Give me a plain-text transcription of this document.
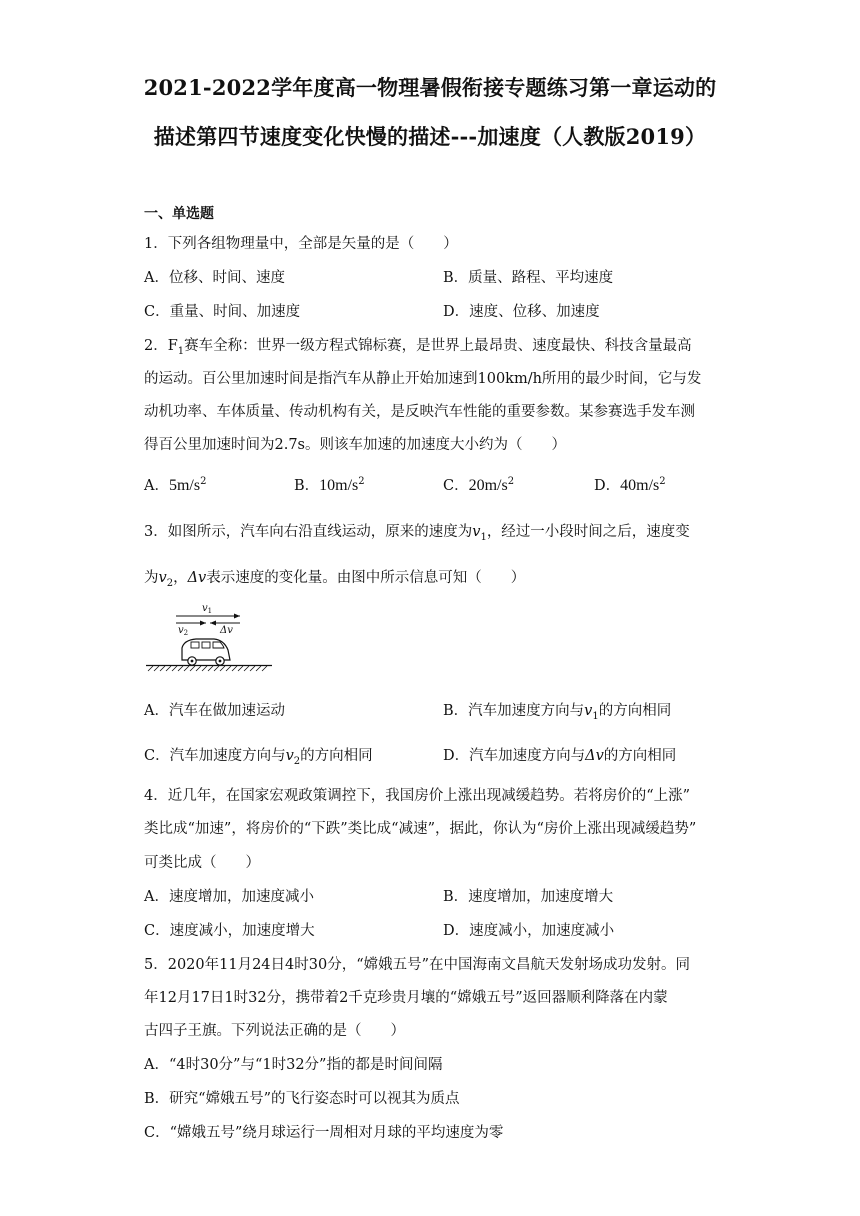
2021-2022学年度高一物理暑假衔接专题练习第一章运动的
描述第四节速度变化快慢的描述---加速度（人教版2019）
一、单选题
1．下列各组物理量中，全部是矢量的是（　　）
A．位移、时间、速度	B．质量、路程、平均速度
C．重量、时间、加速度	D．速度、位移、加速度
2．$F_1$赛车全称：世界一级方程式锦标赛，是世界上最昂贵、速度最快、科技含量最高
的运动。百公里加速时间是指汽车从静止开始加速到100km/h所用的最少时间，它与发
动机功率、车体质量、传动机构有关，是反映汽车性能的重要参数。某参赛选手发车测
得百公里加速时间为2.7s。则该车加速的加速度大小约为（　　）
A．$5m/s^2$	B．$10m/s^2$	C．$20m/s^2$	D．$40m/s^2$
3．如图所示，汽车向右沿直线运动，原来的速度为$v_1$，经过一小段时间之后，速度变
为$v_2$，Δv表示速度的变化量。由图中所示信息可知（　　）
$v_1$
$v_2$	Δv
A．汽车在做加速运动	B．汽车加速度方向与$v_1$的方向相同
C．汽车加速度方向与$v_2$的方向相同	D．汽车加速度方向与Δv的方向相同
4．近几年，在国家宏观政策调控下，我国房价上涨出现减缓趋势。若将房价的“上涨”
类比成“加速”，将房价的“下跌”类比成“减速”，据此，你认为“房价上涨出现减缓趋势”
可类比成（　　）
A．速度增加，加速度减小	B．速度增加，加速度增大
C．速度减小，加速度增大	D．速度减小，加速度减小
5．2020年11月24日4时30分，“嫦娥五号”在中国海南文昌航天发射场成功发射。同
年12月17日1时32分，携带着2千克珍贵月壤的“嫦娥五号”返回器顺利降落在内蒙
古四子王旗。下列说法正确的是（　　）
A．“4时30分”与“1时32分”指的都是时间间隔
B．研究“嫦娥五号”的飞行姿态时可以视其为质点
C．“嫦娥五号”绕月球运行一周相对月球的平均速度为零
